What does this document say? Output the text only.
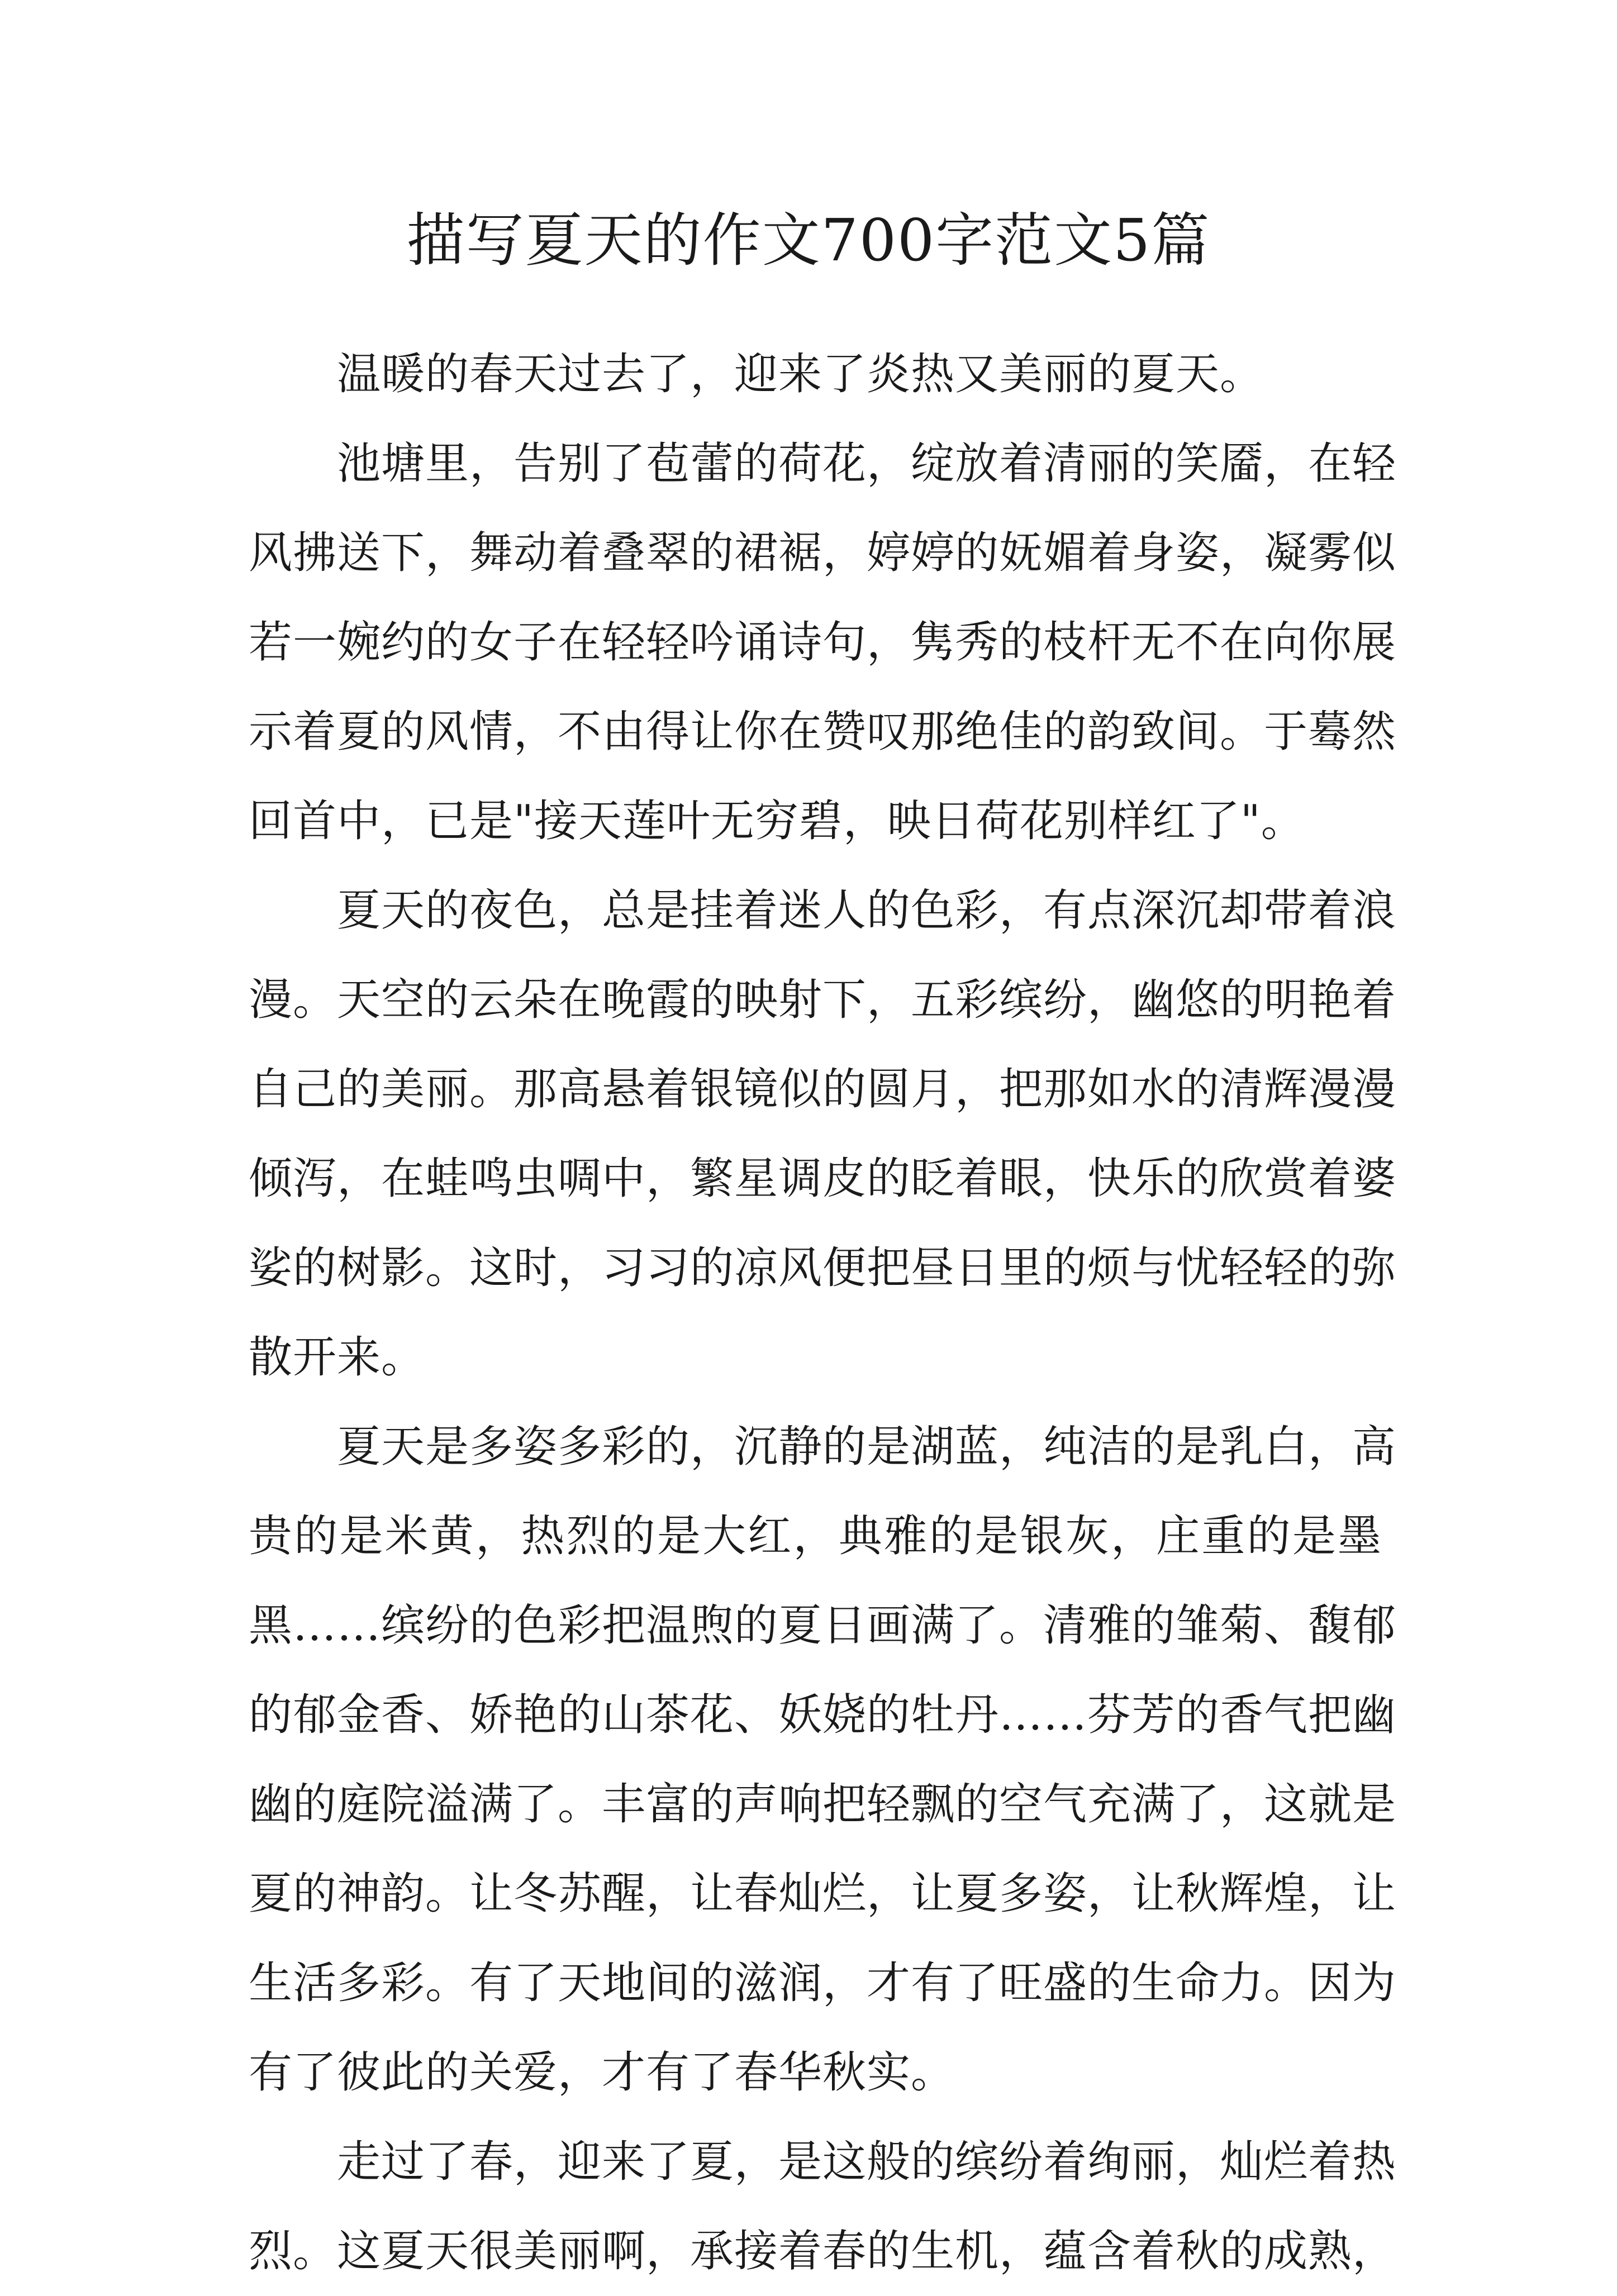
描写夏天的作文700字范文5篇
温暖的春天过去了，迎来了炎热又美丽的夏天。
池塘里，告别了苞蕾的荷花，绽放着清丽的笑靥，在轻
风拂送下，舞动着叠翠的裙裾，婷婷的妩媚着身姿，凝雾似
若一婉约的女子在轻轻吟诵诗句，隽秀的枝杆无不在向你展
示着夏的风情，不由得让你在赞叹那绝佳的韵致间。于蓦然
回首中，已是"接天莲叶无穷碧，映日荷花别样红了"。
夏天的夜色，总是挂着迷人的色彩，有点深沉却带着浪
漫。天空的云朵在晚霞的映射下，五彩缤纷，幽悠的明艳着
自己的美丽。那高悬着银镜似的圆月，把那如水的清辉漫漫
倾泻，在蛙鸣虫啁中，繁星调皮的眨着眼，快乐的欣赏着婆
娑的树影。这时，习习的凉风便把昼日里的烦与忧轻轻的弥
散开来。
夏天是多姿多彩的，沉静的是湖蓝，纯洁的是乳白，高
贵的是米黄，热烈的是大红，典雅的是银灰，庄重的是墨
黑……缤纷的色彩把温煦的夏日画满了。清雅的雏菊、馥郁
的郁金香、娇艳的山茶花、妖娆的牡丹……芬芳的香气把幽
幽的庭院溢满了。丰富的声响把轻飘的空气充满了，这就是
夏的神韵。让冬苏醒，让春灿烂，让夏多姿，让秋辉煌，让
生活多彩。有了天地间的滋润，才有了旺盛的生命力。因为
有了彼此的关爱，才有了春华秋实。
走过了春，迎来了夏，是这般的缤纷着绚丽，灿烂着热
烈。这夏天很美丽啊，承接着春的生机，蕴含着秋的成熟，
